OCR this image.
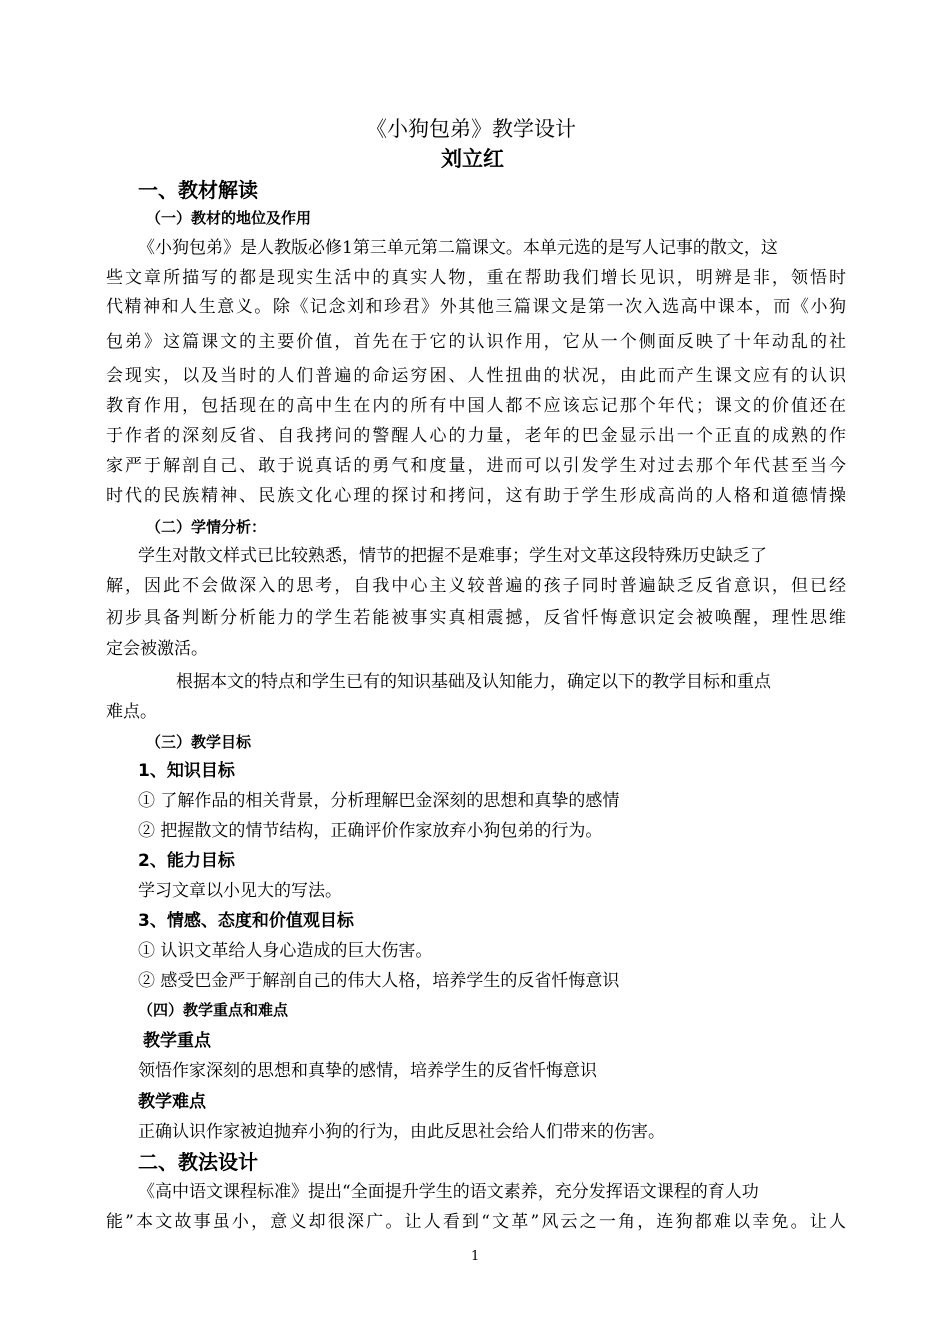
《小狗包弟》教学设计
刘立红
一、教材解读
（一）教材的地位及作用
《小狗包弟》是人教版必修1第三单元第二篇课文。本单元选的是写人记事的散文，这
些文章所描写的都是现实生活中的真实人物，重在帮助我们增长见识，明辨是非，领悟时
代精神和人生意义。除《记念刘和珍君》外其他三篇课文是第一次入选高中课本，而《小狗
包弟》这篇课文的主要价值，首先在于它的认识作用，它从一个侧面反映了十年动乱的社
会现实，以及当时的人们普遍的命运穷困、人性扭曲的状况，由此而产生课文应有的认识
教育作用，包括现在的高中生在内的所有中国人都不应该忘记那个年代；课文的价值还在
于作者的深刻反省、自我拷问的警醒人心的力量，老年的巴金显示出一个正直的成熟的作
家严于解剖自己、敢于说真话的勇气和度量，进而可以引发学生对过去那个年代甚至当今
时代的民族精神、民族文化心理的探讨和拷问，这有助于学生形成高尚的人格和道德情操
（二）学情分析：
学生对散文样式已比较熟悉，情节的把握不是难事；学生对文革这段特殊历史缺乏了
解，因此不会做深入的思考，自我中心主义较普遍的孩子同时普遍缺乏反省意识，但已经
初步具备判断分析能力的学生若能被事实真相震撼，反省忏悔意识定会被唤醒，理性思维
定会被激活。
根据本文的特点和学生已有的知识基础及认知能力，确定以下的教学目标和重点
难点。
（三）教学目标
1、知识目标
① 了解作品的相关背景，分析理解巴金深刻的思想和真挚的感情
② 把握散文的情节结构，正确评价作家放弃小狗包弟的行为。
2、能力目标
学习文章以小见大的写法。
3、情感、态度和价值观目标
① 认识文革给人身心造成的巨大伤害。
② 感受巴金严于解剖自己的伟大人格，培养学生的反省忏悔意识
（四）教学重点和难点
教学重点
领悟作家深刻的思想和真挚的感情，培养学生的反省忏悔意识
教学难点
正确认识作家被迫抛弃小狗的行为，由此反思社会给人们带来的伤害。
二、教法设计
《高中语文课程标准》提出“全面提升学生的语文素养，充分发挥语文课程的育人功
能”本文故事虽小，意义却很深广。让人看到“文革”风云之一角，连狗都难以幸免。让人
1
